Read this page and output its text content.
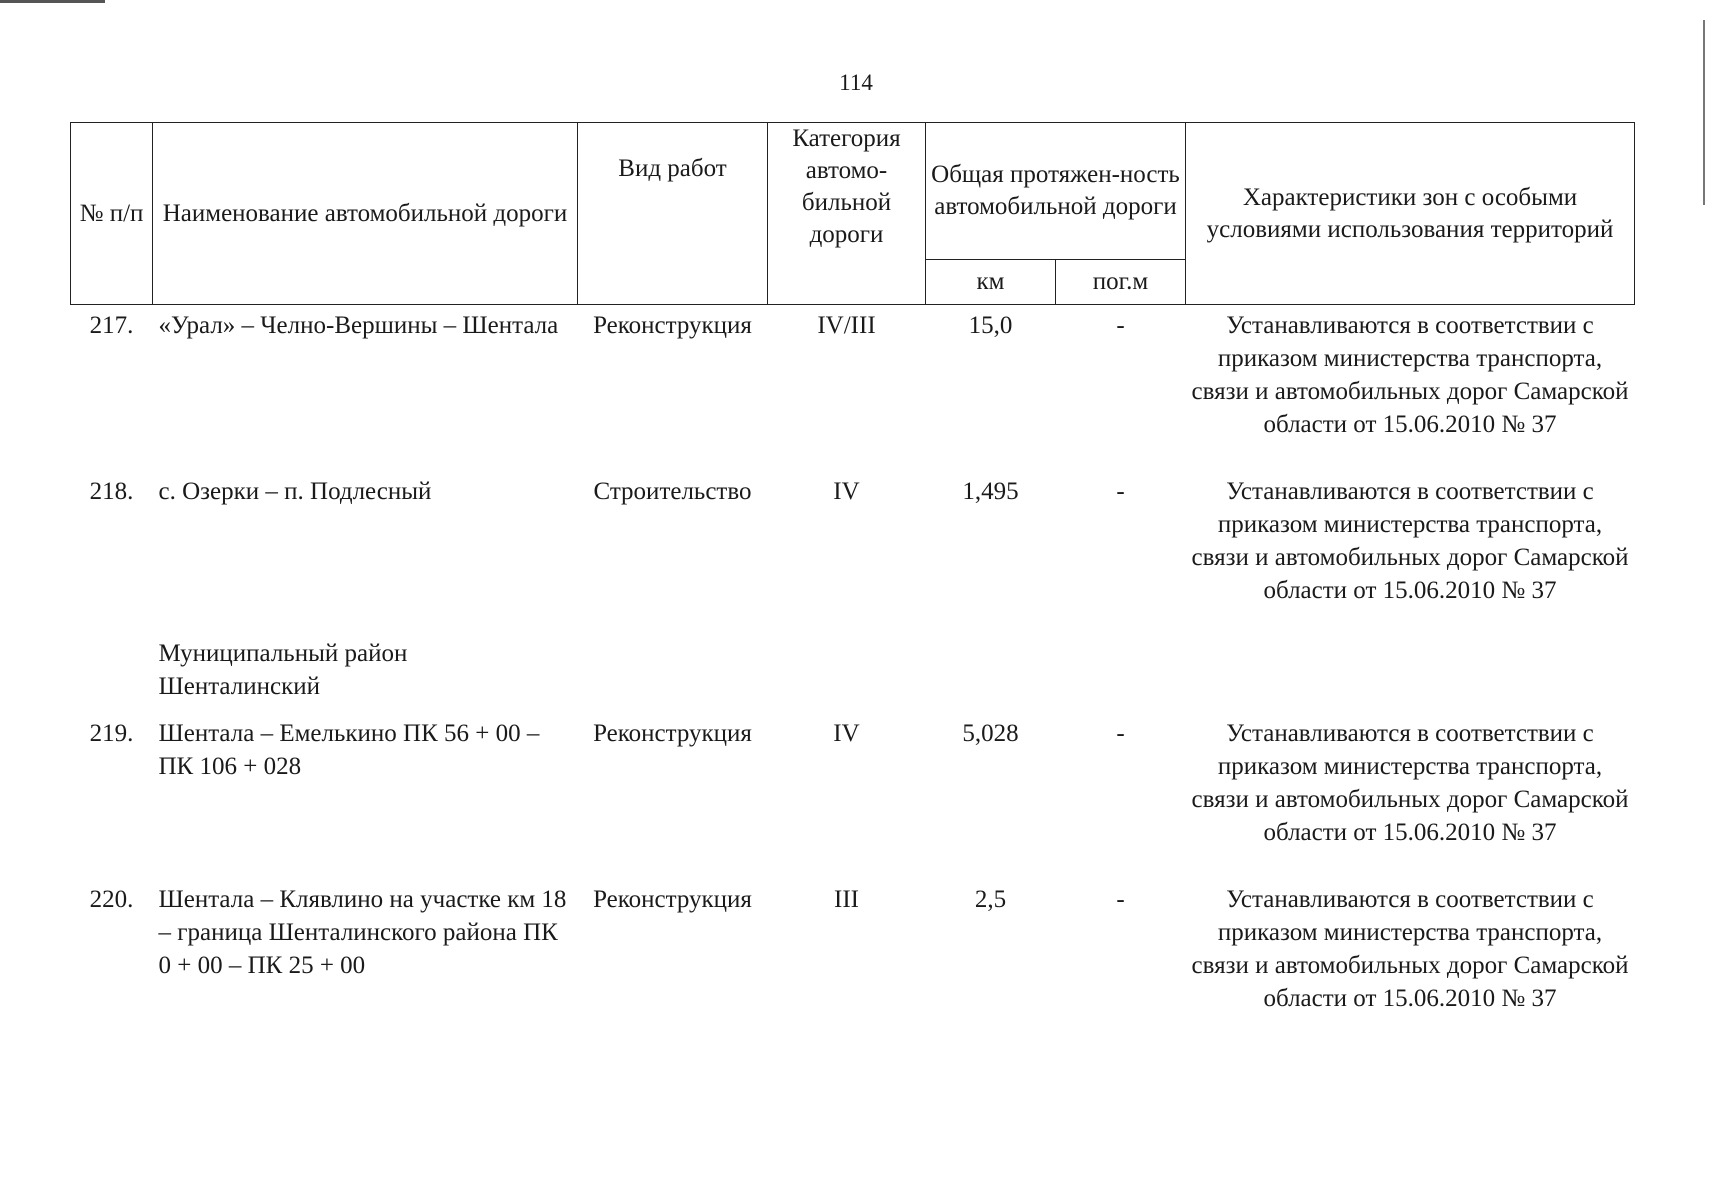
114
№ п/п	Наименование автомобильной дороги	Вид работ	Категория автомо-бильной дороги	Общая протяжен-ность автомобильной дороги		Характеристики зон с особыми условиями использования территорий
				км	пог.м	
217.	«Урал» – Челно-Вершины – Шентала	Реконструкция	IV/III	15,0	-	Устанавливаются в соответствии с приказом министерства транспорта, связи и автомобильных дорог Самарской области от 15.06.2010 № 37
218.	с. Озерки – п. Подлесный	Строительство	IV	1,495	-	Устанавливаются в соответствии с приказом министерства транспорта, связи и автомобильных дорог Самарской области от 15.06.2010 № 37
	Муниципальный район Шенталинский					
219.	Шентала – Емелькино ПК 56 + 00 – ПК 106 + 028	Реконструкция	IV	5,028	-	Устанавливаются в соответствии с приказом министерства транспорта, связи и автомобильных дорог Самарской области от 15.06.2010 № 37
220.	Шентала – Клявлино на участке км 18 – граница Шенталинского района ПК 0 + 00 – ПК 25 + 00	Реконструкция	III	2,5	-	Устанавливаются в соответствии с приказом министерства транспорта, связи и автомобильных дорог Самарской области от 15.06.2010 № 37
